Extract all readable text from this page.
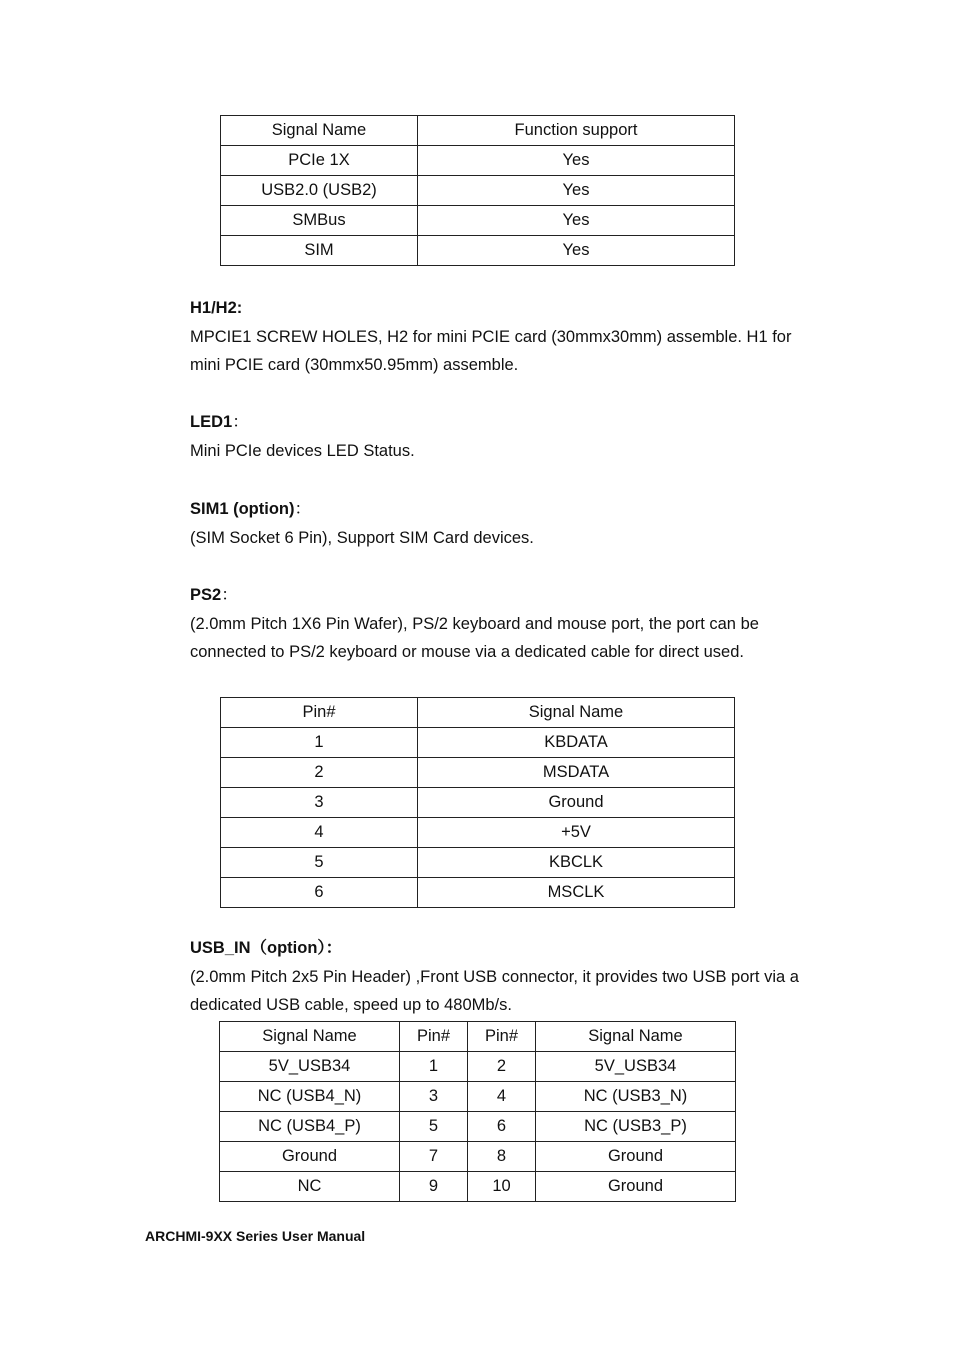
Signal Name	Function support
PCIe 1X	Yes
USB2.0 (USB2)	Yes
SMBus	Yes
SIM	Yes
H1/H2:
MPCIE1 SCREW HOLES, H2 for mini PCIE card (30mmx30mm) assemble. H1 for mini PCIE card (30mmx50.95mm) assemble.
LED1：
Mini PCIe devices LED Status.
SIM1 (option)：
(SIM Socket 6 Pin), Support SIM Card devices.
PS2：
(2.0mm Pitch 1X6 Pin Wafer), PS/2 keyboard and mouse port, the port can be connected to PS/2 keyboard or mouse via a dedicated cable for direct used.
Pin#	Signal Name
1	KBDATA
2	MSDATA
3	Ground
4	+5V
5	KBCLK
6	MSCLK
USB_IN（option）：
(2.0mm Pitch 2x5 Pin Header) ,Front USB connector, it provides two USB port via a dedicated USB cable, speed up to 480Mb/s.
Signal Name	Pin#	Pin#	Signal Name
5V_USB34	1	2	5V_USB34
NC (USB4_N)	3	4	NC (USB3_N)
NC (USB4_P)	5	6	NC (USB3_P)
Ground	7	8	Ground
NC	9	10	Ground
ARCHMI-9XX Series User Manual
